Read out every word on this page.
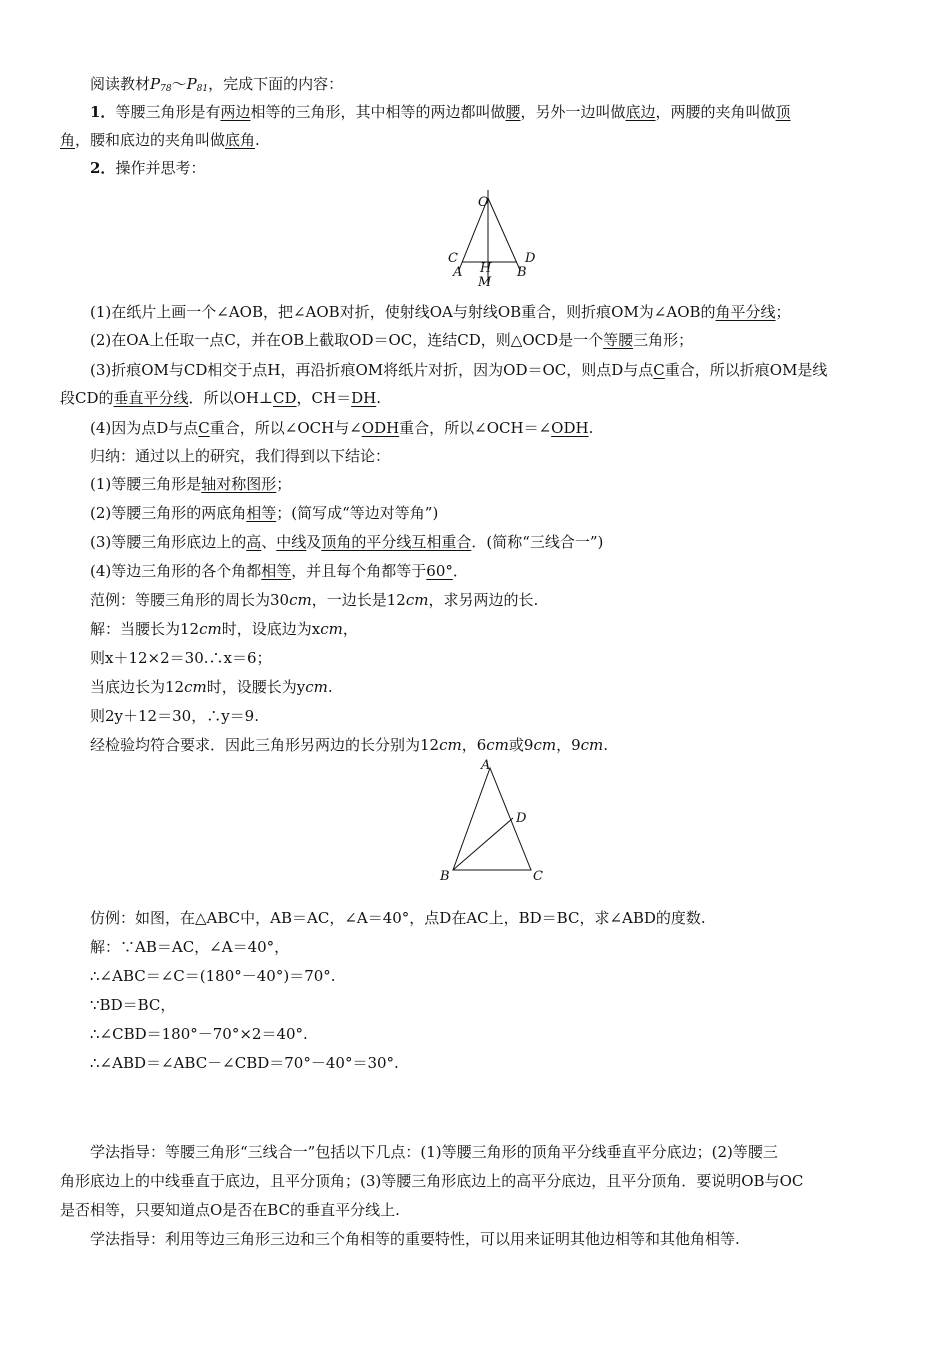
阅读教材$P_{78}\sim P_{81}$，完成下面的内容：
1．等腰三角形是有两边相等的三角形，其中相等的两边都叫做腰，另外一边叫做底边，两腰的夹角叫做顶
角，腰和底边的夹角叫做底角.
2．操作并思考：
O
C	D
A H B
M
(1)在纸片上画一个∠AOB，把∠AOB对折，使射线OA与射线OB重合，则折痕OM为∠AOB的角平分线；
(2)在OA上任取一点C，并在OB上截取OD＝OC，连结CD，则△OCD是一个等腰三角形；
(3)折痕OM与CD相交于点H，再沿折痕OM将纸片对折，因为OD＝OC，则点D与点C重合，所以折痕OM是线
段CD的垂直平分线．所以OH⊥CD，CH＝DH.
(4)因为点D与点C重合，所以∠OCH与∠ODH重合，所以∠OCH＝∠ODH.
归纳：通过以上的研究，我们得到以下结论：
(1)等腰三角形是轴对称图形；
(2)等腰三角形的两底角相等；(简写成“等边对等角”)
(3)等腰三角形底边上的高、中线及顶角的平分线互相重合．(简称“三线合一”)
(4)等边三角形的各个角都相等，并且每个角都等于60°．
范例：等腰三角形的周长为30cm，一边长是12cm，求另两边的长.
解：当腰长为12cm时，设底边为xcm，
则x＋12×2＝30.∴x＝6；
当底边长为12cm时，设腰长为ycm.
则2y＋12＝30，∴y＝9.
经检验均符合要求．因此三角形另两边的长分别为12cm，6cm或9cm，9cm.
A
D
B	C
仿例：如图，在△ABC中，AB＝AC，∠A＝40°，点D在AC上，BD＝BC，求∠ABD的度数.
解：∵AB＝AC，∠A＝40°，
∴∠ABC＝∠C＝(180°－40°)＝70°.
∵BD＝BC，
∴∠CBD＝180°－70°×2＝40°.
∴∠ABD＝∠ABC－∠CBD＝70°－40°＝30°.
学法指导：等腰三角形“三线合一”包括以下几点：(1)等腰三角形的顶角平分线垂直平分底边；(2)等腰三
角形底边上的中线垂直于底边，且平分顶角；(3)等腰三角形底边上的高平分底边，且平分顶角．要说明OB与OC
是否相等，只要知道点O是否在BC的垂直平分线上.
学法指导：利用等边三角形三边和三个角相等的重要特性，可以用来证明其他边相等和其他角相等.
